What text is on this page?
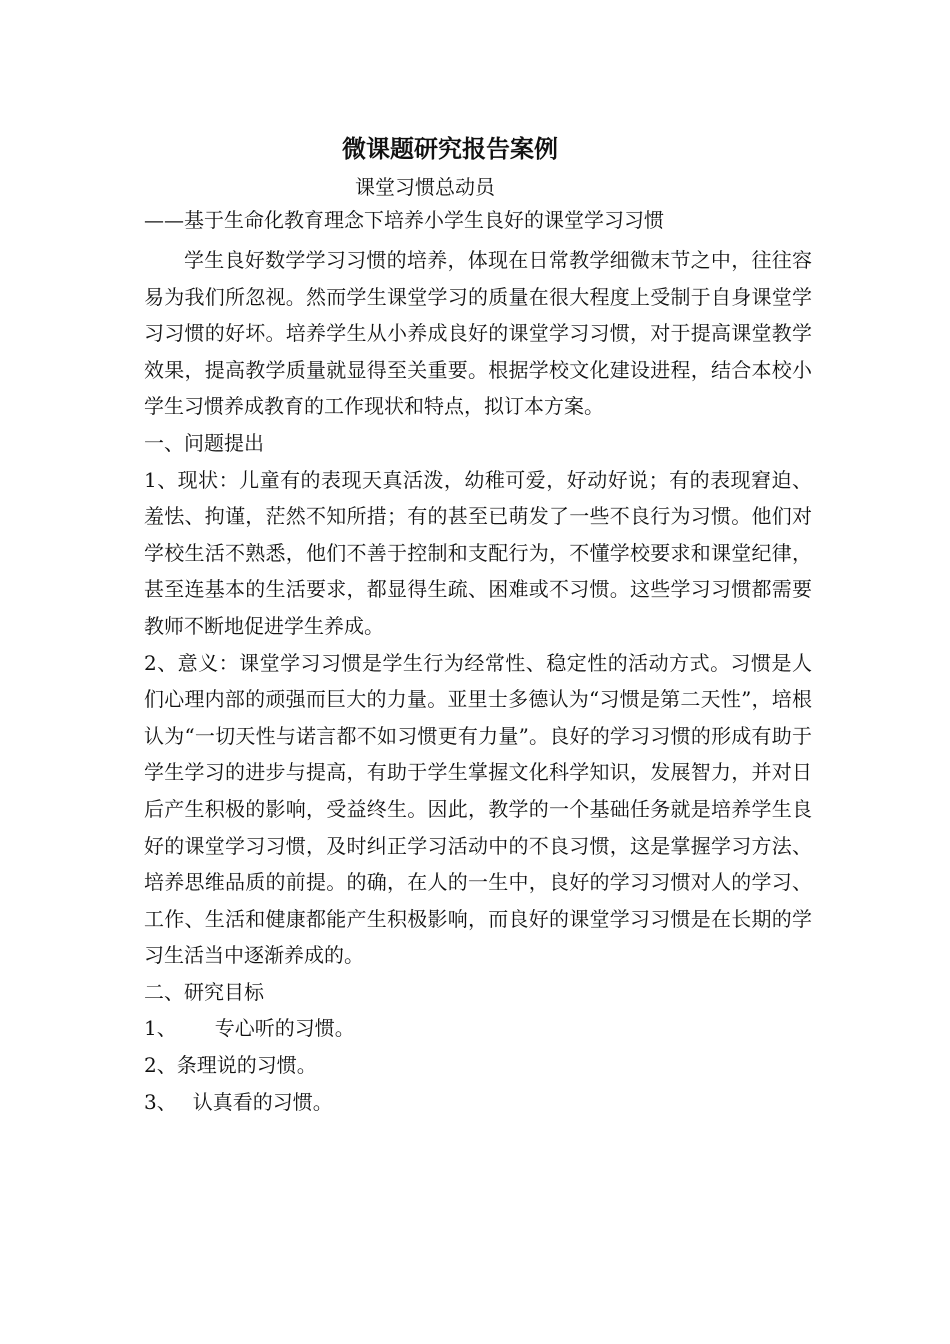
微课题研究报告案例
课堂习惯总动员
——基于生命化教育理念下培养小学生良好的课堂学习习惯

学生良好数学学习习惯的培养，体现在日常教学细微末节之中，往往容易为我们所忽视。然而学生课堂学习的质量在很大程度上受制于自身课堂学习习惯的好坏。培养学生从小养成良好的课堂学习习惯，对于提高课堂教学效果，提高教学质量就显得至关重要。根据学校文化建设进程，结合本校小学生习惯养成教育的工作现状和特点，拟订本方案。

一、问题提出

1、现状：儿童有的表现天真活泼，幼稚可爱，好动好说；有的表现窘迫、羞怯、拘谨，茫然不知所措；有的甚至已萌发了一些不良行为习惯。他们对学校生活不熟悉，他们不善于控制和支配行为，不懂学校要求和课堂纪律，甚至连基本的生活要求，都显得生疏、困难或不习惯。这些学习习惯都需要教师不断地促进学生养成。

2、意义：课堂学习习惯是学生行为经常性、稳定性的活动方式。习惯是人们心理内部的顽强而巨大的力量。亚里士多德认为“习惯是第二天性”，培根认为“一切天性与诺言都不如习惯更有力量”。良好的学习习惯的形成有助于学生学习的进步与提高，有助于学生掌握文化科学知识，发展智力，并对日后产生积极的影响，受益终生。因此，教学的一个基础任务就是培养学生良好的课堂学习习惯，及时纠正学习活动中的不良习惯，这是掌握学习方法、培养思维品质的前提。的确，在人的一生中，良好的学习习惯对人的学习、工作、生活和健康都能产生积极影响，而良好的课堂学习习惯是在长期的学习生活当中逐渐养成的。

二、研究目标

1、 专心听的习惯。

2、条理说的习惯。

3、 认真看的习惯。
